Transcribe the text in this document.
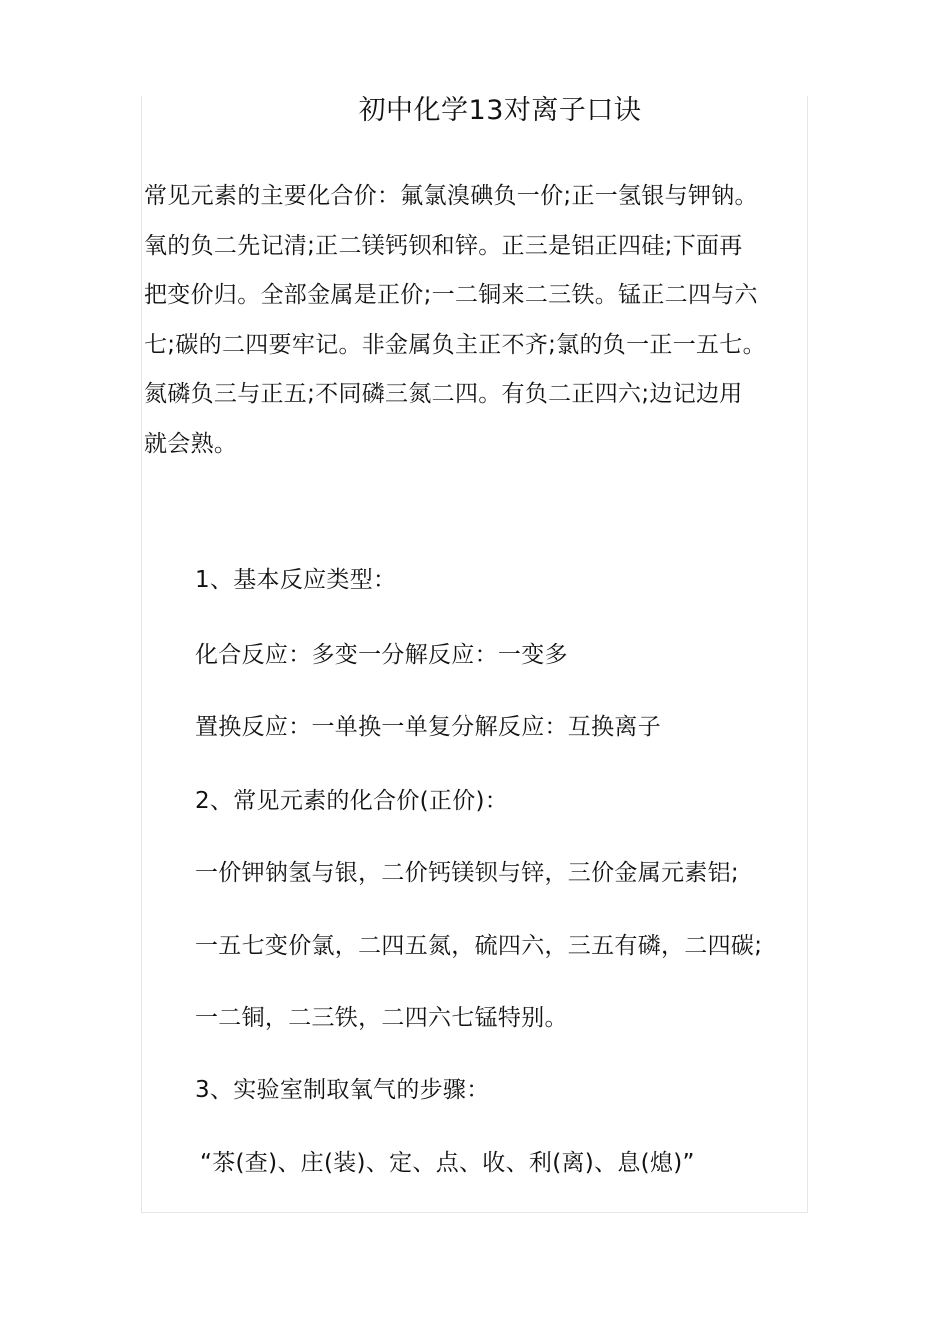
初中化学13对离子口诀
常见元素的主要化合价：氟氯溴碘负一价;正一氢银与钾钠。
氧的负二先记清;正二镁钙钡和锌。正三是铝正四硅;下面再
把变价归。全部金属是正价;一二铜来二三铁。锰正二四与六
七;碳的二四要牢记。非金属负主正不齐;氯的负一正一五七。
氮磷负三与正五;不同磷三氮二四。有负二正四六;边记边用
就会熟。
1、基本反应类型：
化合反应：多变一分解反应：一变多
置换反应：一单换一单复分解反应：互换离子
2、常见元素的化合价(正价)：
一价钾钠氢与银，二价钙镁钡与锌，三价金属元素铝;
一五七变价氯，二四五氮，硫四六，三五有磷，二四碳;
一二铜，二三铁，二四六七锰特别。
3、实验室制取氧气的步骤：
“茶(查)、庄(装)、定、点、收、利(离)、息(熄)”
